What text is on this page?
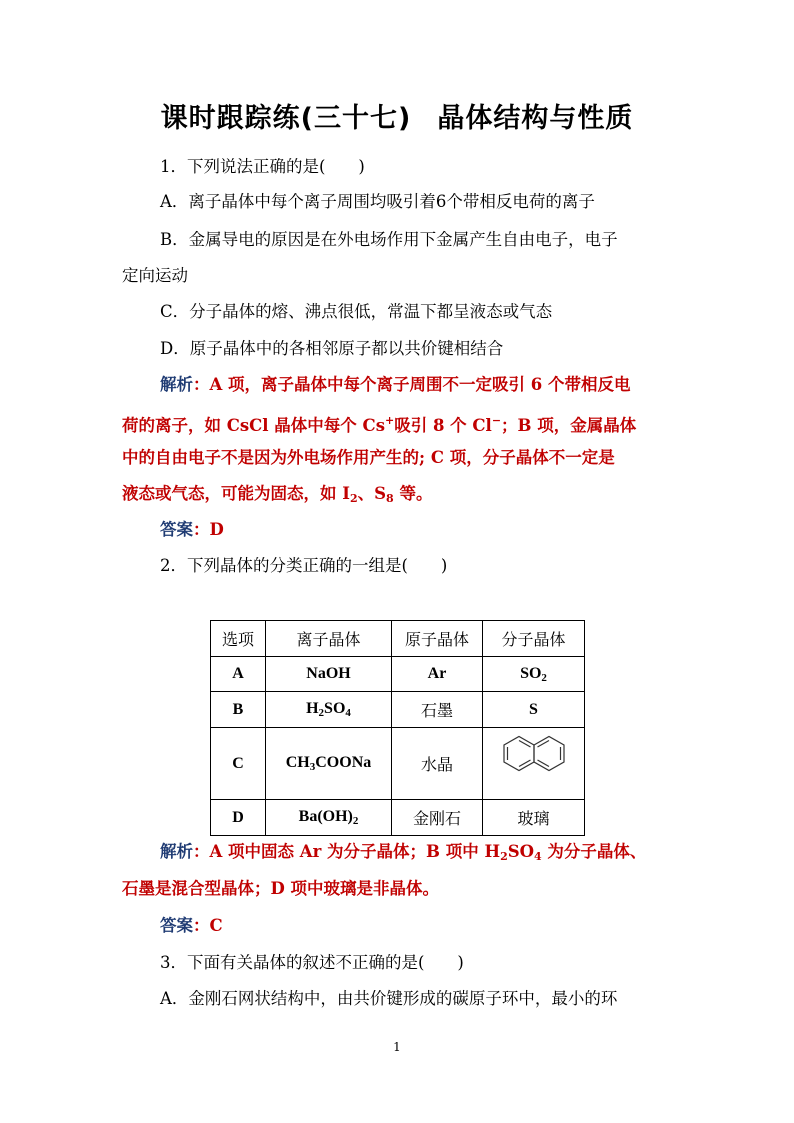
课时跟踪练(三十七) 晶体结构与性质
1．下列说法正确的是(　　)
A．离子晶体中每个离子周围均吸引着6个带相反电荷的离子
B．金属导电的原因是在外电场作用下金属产生自由电子，电子
定向运动
C．分子晶体的熔、沸点很低，常温下都呈液态或气态
D．原子晶体中的各相邻原子都以共价键相结合
解析：A 项，离子晶体中每个离子周围不一定吸引 6 个带相反电
荷的离子，如 CsCl 晶体中每个 Cs+吸引 8 个 Cl−；B 项，金属晶体
中的自由电子不是因为外电场作用产生的; C 项，分子晶体不一定是
液态或气态，可能为固态，如 $I_2$、$S_8$ 等。
答案：D
2．下列晶体的分类正确的一组是(　　)
选项	离子晶体	原子晶体	分子晶体
A	NaOH	Ar	$SO_2$
B	$H_2SO_4$	石墨	S
C	$CH_3COONa$	水晶	
D	$Ba(OH)_2$	金刚石	玻璃
解析：A 项中固态 Ar 为分子晶体；B 项中 $H_2SO_4$ 为分子晶体、
石墨是混合型晶体；D 项中玻璃是非晶体。
答案：C
3．下面有关晶体的叙述不正确的是(　　)
A．金刚石网状结构中，由共价键形成的碳原子环中，最小的环
1
